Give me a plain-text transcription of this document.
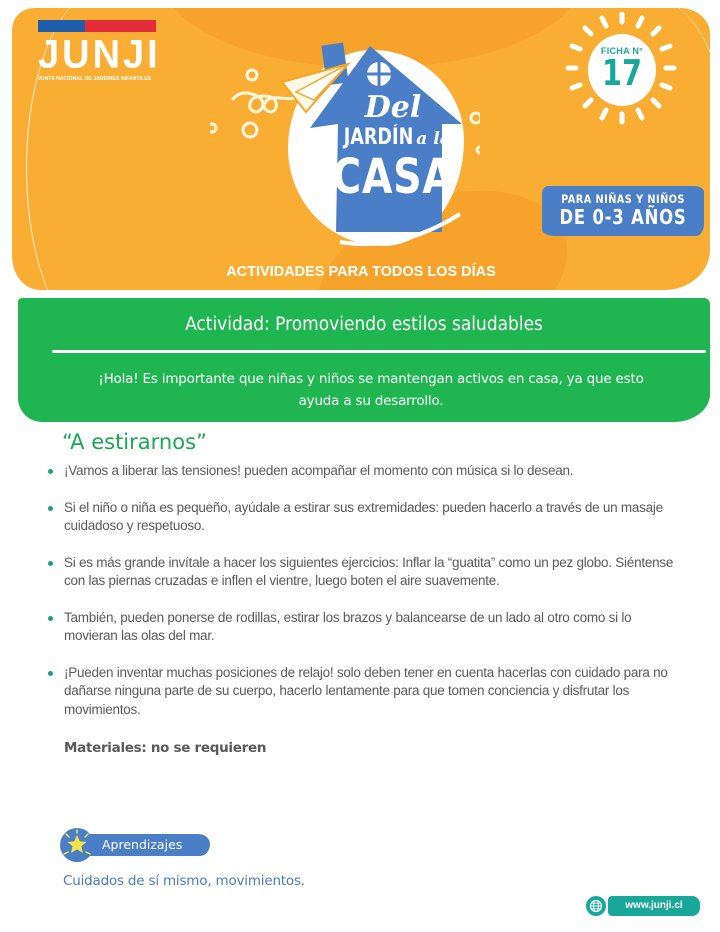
ACTIVIDADES PARA TODOS LOS DÍAS
JUNJI
JUNTA NACIONAL DE JARDINES INFANTILES
Del
JARDÍN a la
CASA
FICHA N°
17
PARA NIÑAS Y NIÑOS
DE 0-3 AÑOS
Actividad: Promoviendo estilos saludables
¡Hola! Es importante que niñas y niños se mantengan activos en casa, ya que esto ayuda a su desarrollo.
“A estirarnos”
¡Vamos a liberar las tensiones! pueden acompañar el momento con música si lo desean.
Si el niño o niña es pequeño, ayúdale a estirar sus extremidades: pueden hacerlo a través de un masaje cuidadoso y respetuoso.
Si es más grande invítale a hacer los siguientes ejercicios: Inflar la “guatita” como un pez globo. Siéntense con las piernas cruzadas e inflen el vientre, luego boten el aire suavemente.
También, pueden ponerse de rodillas, estirar los brazos y balancearse de un lado al otro como si lo movieran las olas del mar.
¡Pueden inventar muchas posiciones de relajo! solo deben tener en cuenta hacerlas con cuidado para no dañarse ninguna parte de su cuerpo, hacerlo lentamente para que tomen conciencia y disfrutar los movimientos.
Materiales: no se requieren
Aprendizajes
Cuidados de sí mismo, movimientos.
www.junji.cl
